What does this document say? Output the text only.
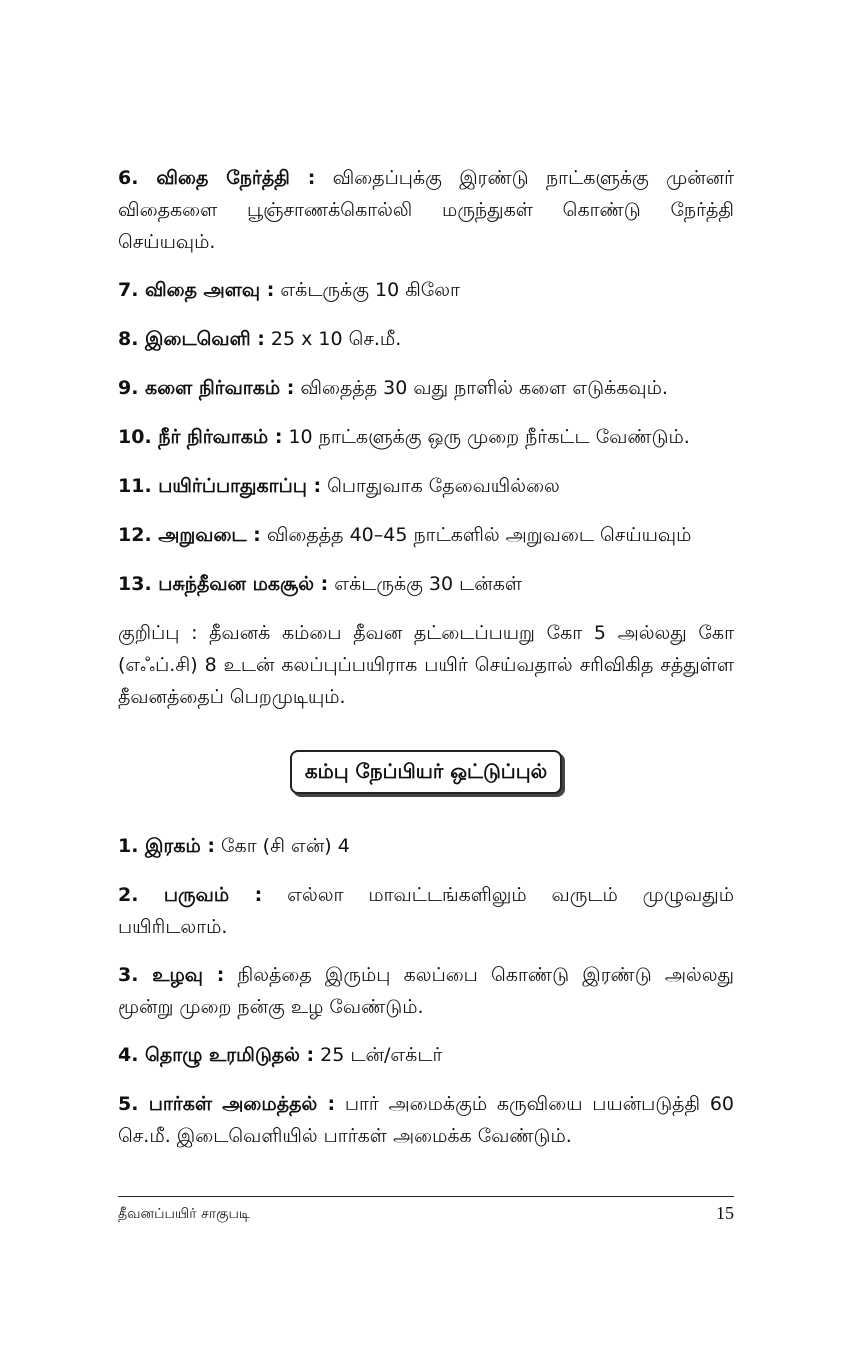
6. விதை நேர்த்தி : விதைப்புக்கு இரண்டு நாட்களுக்கு முன்னர் விதைகளை பூஞ்சாணக்கொல்லி மருந்துகள் கொண்டு நேர்த்தி செய்யவும்.
7. விதை அளவு : எக்டருக்கு 10 கிலோ
8. இடைவெளி : 25 x 10 செ.மீ.
9. களை நிர்வாகம் : விதைத்த 30 வது நாளில் களை எடுக்கவும்.
10. நீர் நிர்வாகம் : 10 நாட்களுக்கு ஒரு முறை நீர்கட்ட வேண்டும்.
11. பயிர்ப்பாதுகாப்பு : பொதுவாக தேவையில்லை
12. அறுவடை : விதைத்த 40–45 நாட்களில் அறுவடை செய்யவும்
13. பசுந்தீவன மகசூல் : எக்டருக்கு 30 டன்கள்
குறிப்பு : தீவனக் கம்பை தீவன தட்டைப்பயறு கோ 5 அல்லது கோ (எஃப்.சி) 8 உடன் கலப்புப்பயிராக பயிர் செய்வதால் சரிவிகித சத்துள்ள தீவனத்தைப் பெறமுடியும்.
கம்பு நேப்பியர் ஒட்டுப்புல்
1. இரகம் : கோ (சி என்) 4
2. பருவம் : எல்லா மாவட்டங்களிலும் வருடம் முழுவதும் பயிரிடலாம்.
3. உழவு : நிலத்தை இரும்பு கலப்பை கொண்டு இரண்டு அல்லது மூன்று முறை நன்கு உழ வேண்டும்.
4. தொழு உரமிடுதல் : 25 டன்/எக்டர்
5. பார்கள் அமைத்தல் : பார் அமைக்கும் கருவியை பயன்படுத்தி 60 செ.மீ. இடைவெளியில் பார்கள் அமைக்க வேண்டும்.
தீவனப்பயிர் சாகுபடி	15
